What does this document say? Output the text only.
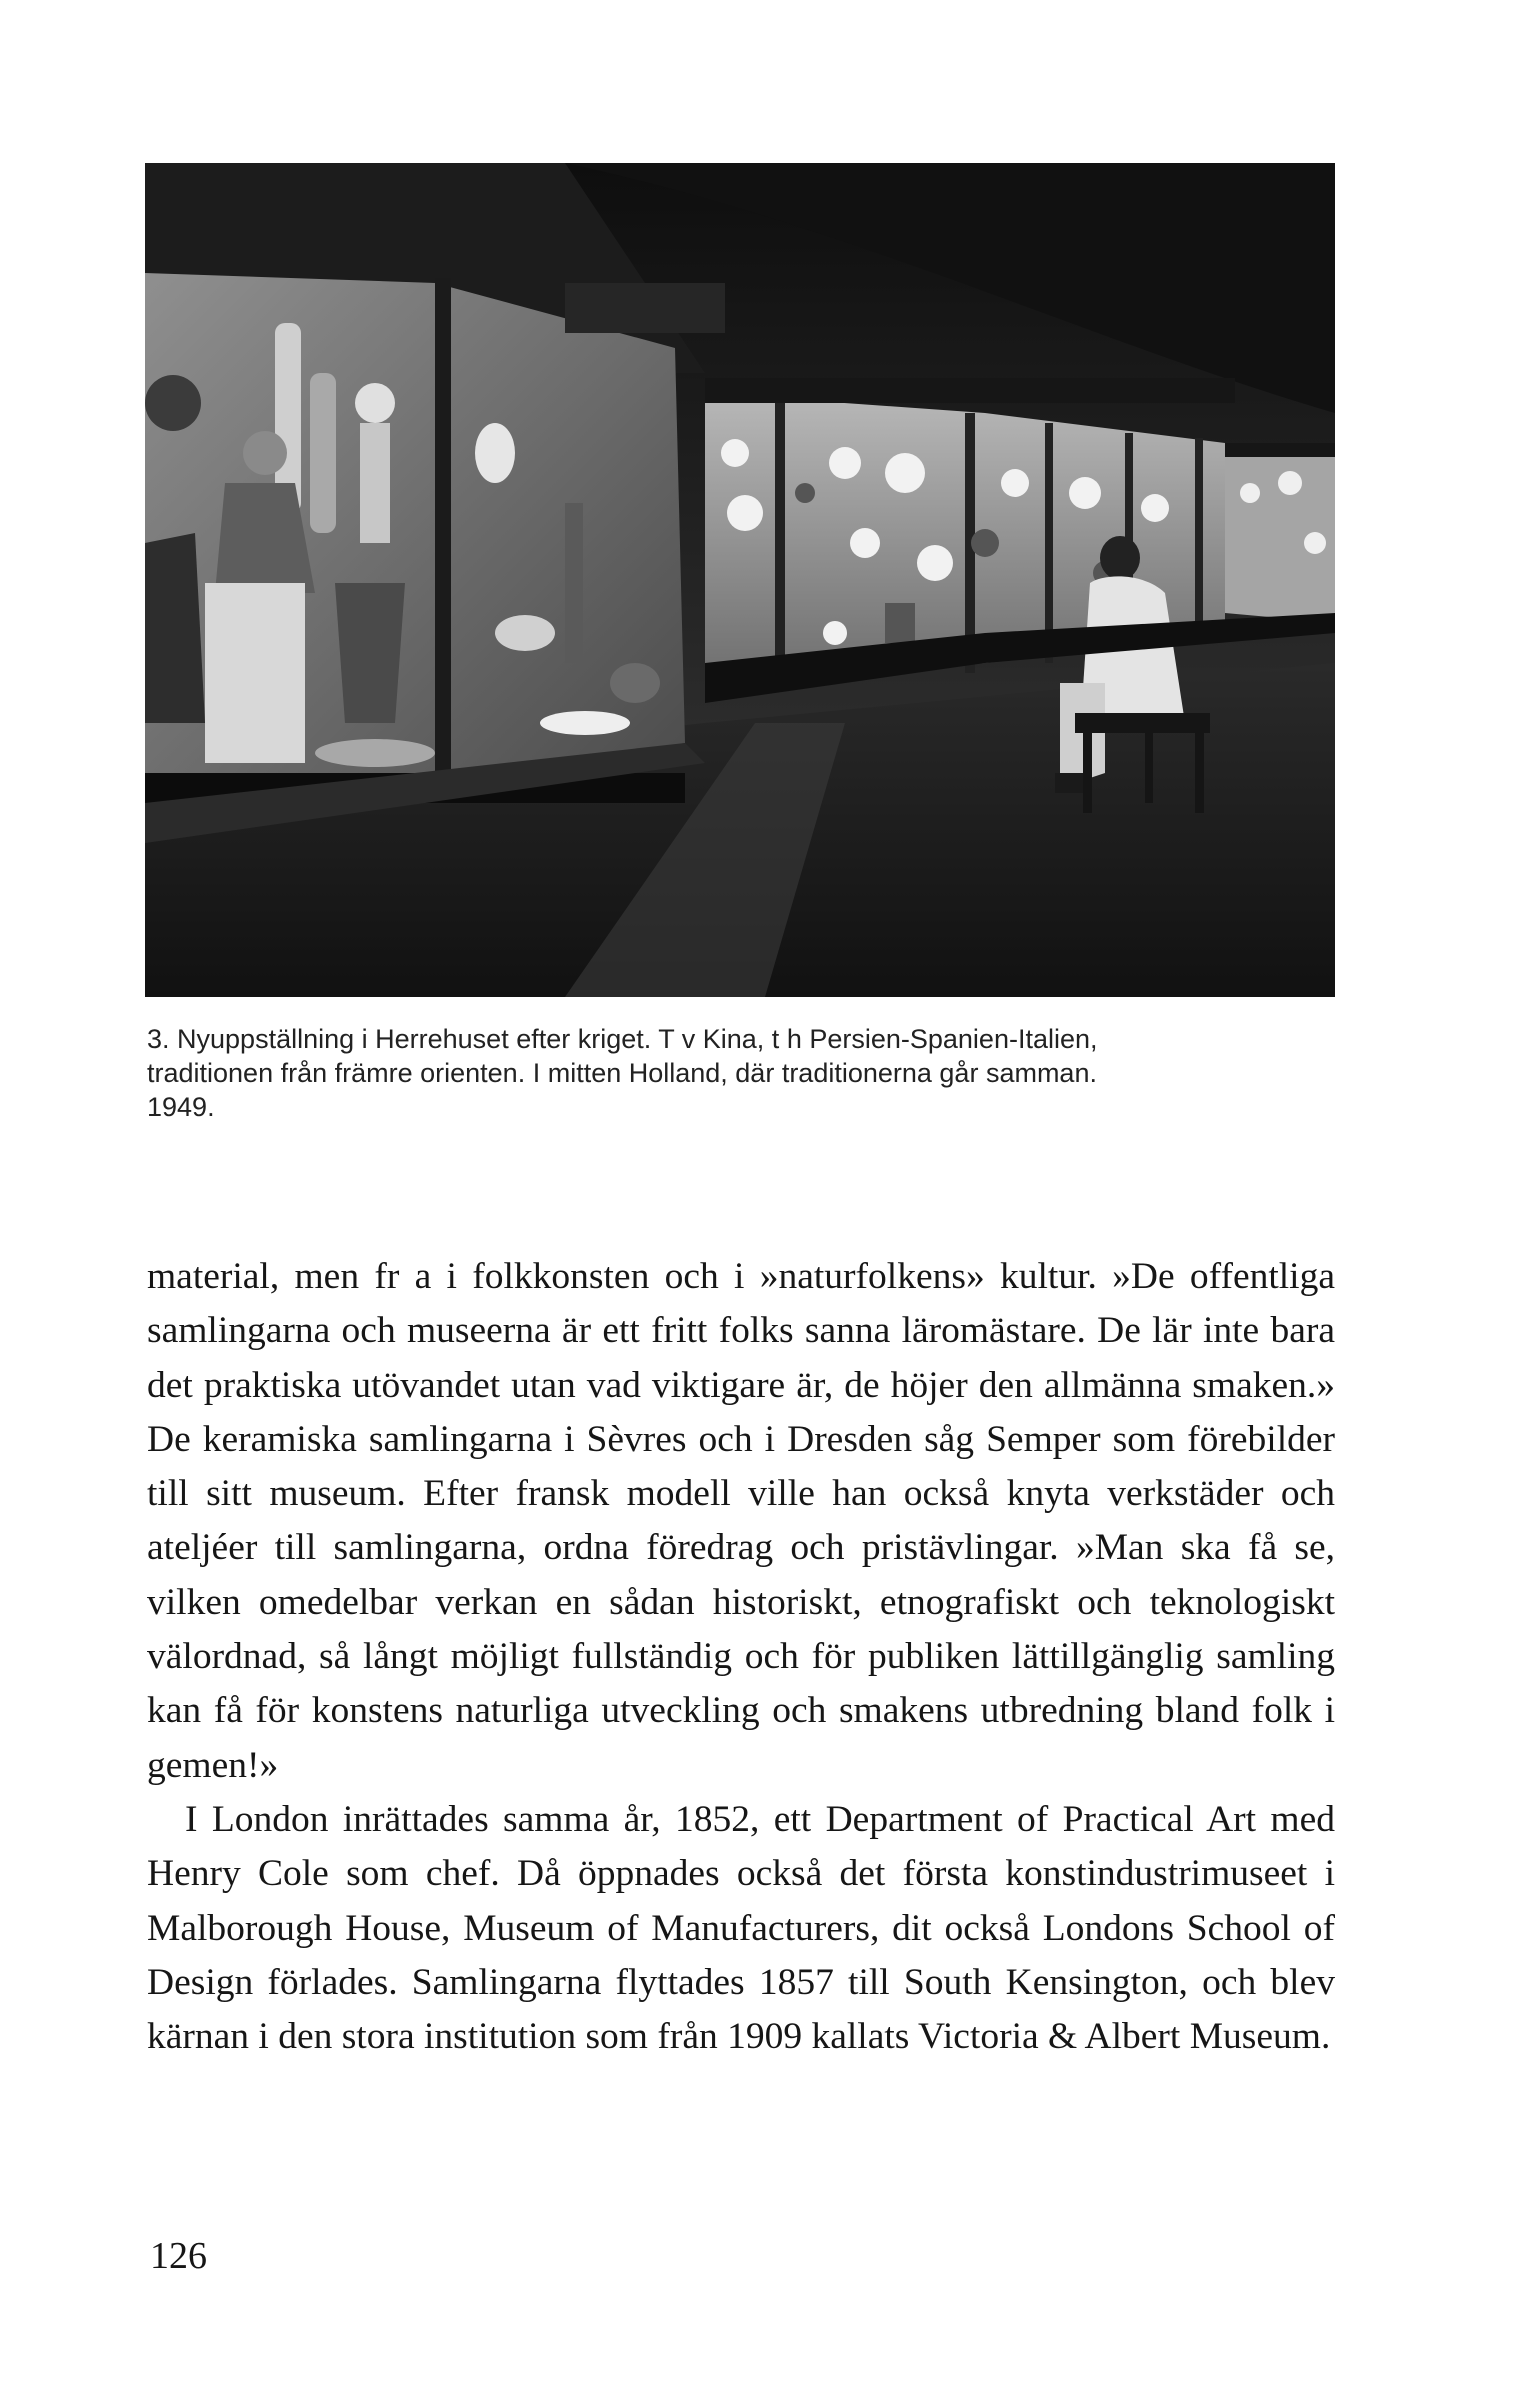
3. Nyuppställning i Herrehuset efter kriget. T v Kina, t h Persien-Spanien-Italien,

traditionen från främre orienten. I mitten Holland, där traditionerna går samman.

1949.

material, men fr a i folkkonsten och i »naturfolkens» kultur. »De offentliga samlingarna och museerna är ett fritt folks sanna läromästare. De lär inte bara det praktiska utövandet utan vad viktigare är, de höjer den allmänna smaken.» De keramiska samlingarna i Sèvres och i Dresden såg Semper som förebilder till sitt museum. Efter fransk modell ville han också knyta verkstäder och ateljéer till samlingarna, ordna föredrag och pristävlingar. »Man ska få se, vilken omedelbar verkan en sådan historiskt, etnografiskt och teknologiskt välordnad, så långt möjligt fullständig och för publiken lättillgänglig samling kan få för konstens naturliga utveckling och smakens utbredning bland folk i gemen!»

I London inrättades samma år, 1852, ett Department of Practical Art med Henry Cole som chef. Då öppnades också det första konstindustrimuseet i Malborough House, Museum of Manufacturers, dit också Londons School of Design förlades. Samlingarna flyttades 1857 till South Kensington, och blev kärnan i den stora institution som från 1909 kallats Victoria & Albert Museum.

126
